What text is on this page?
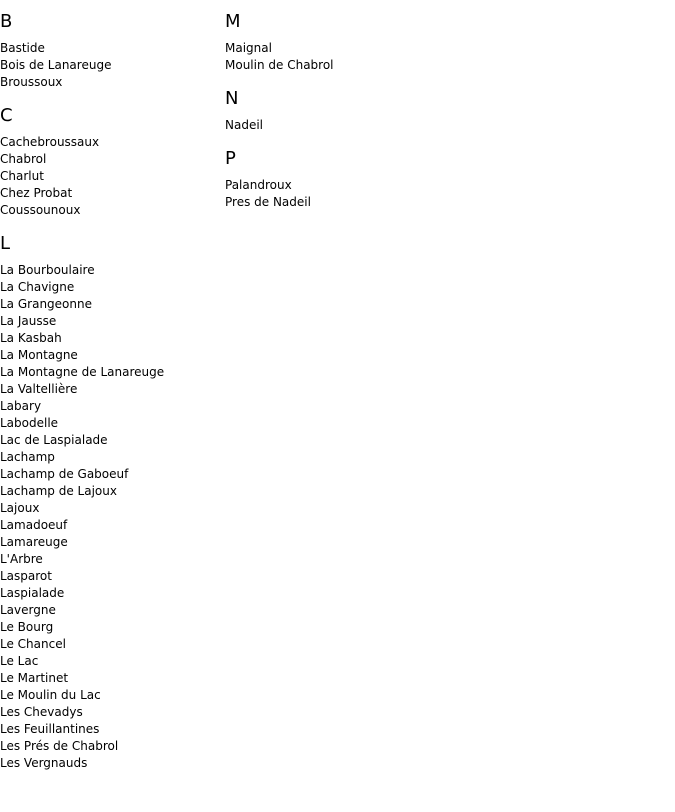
B
Bastide
Bois de Lanareuge
Broussoux
C
Cachebroussaux
Chabrol
Charlut
Chez Probat
Coussounoux
L
La Bourboulaire
La Chavigne
La Grangeonne
La Jausse
La Kasbah
La Montagne
La Montagne de Lanareuge
La Valtellière
Labary
Labodelle
Lac de Laspialade
Lachamp
Lachamp de Gaboeuf
Lachamp de Lajoux
Lajoux
Lamadoeuf
Lamareuge
L'Arbre
Lasparot
Laspialade
Lavergne
Le Bourg
Le Chancel
Le Lac
Le Martinet
Le Moulin du Lac
Les Chevadys
Les Feuillantines
Les Prés de Chabrol
Les Vergnauds
M
Maignal
Moulin de Chabrol
N
Nadeil
P
Palandroux
Pres de Nadeil
